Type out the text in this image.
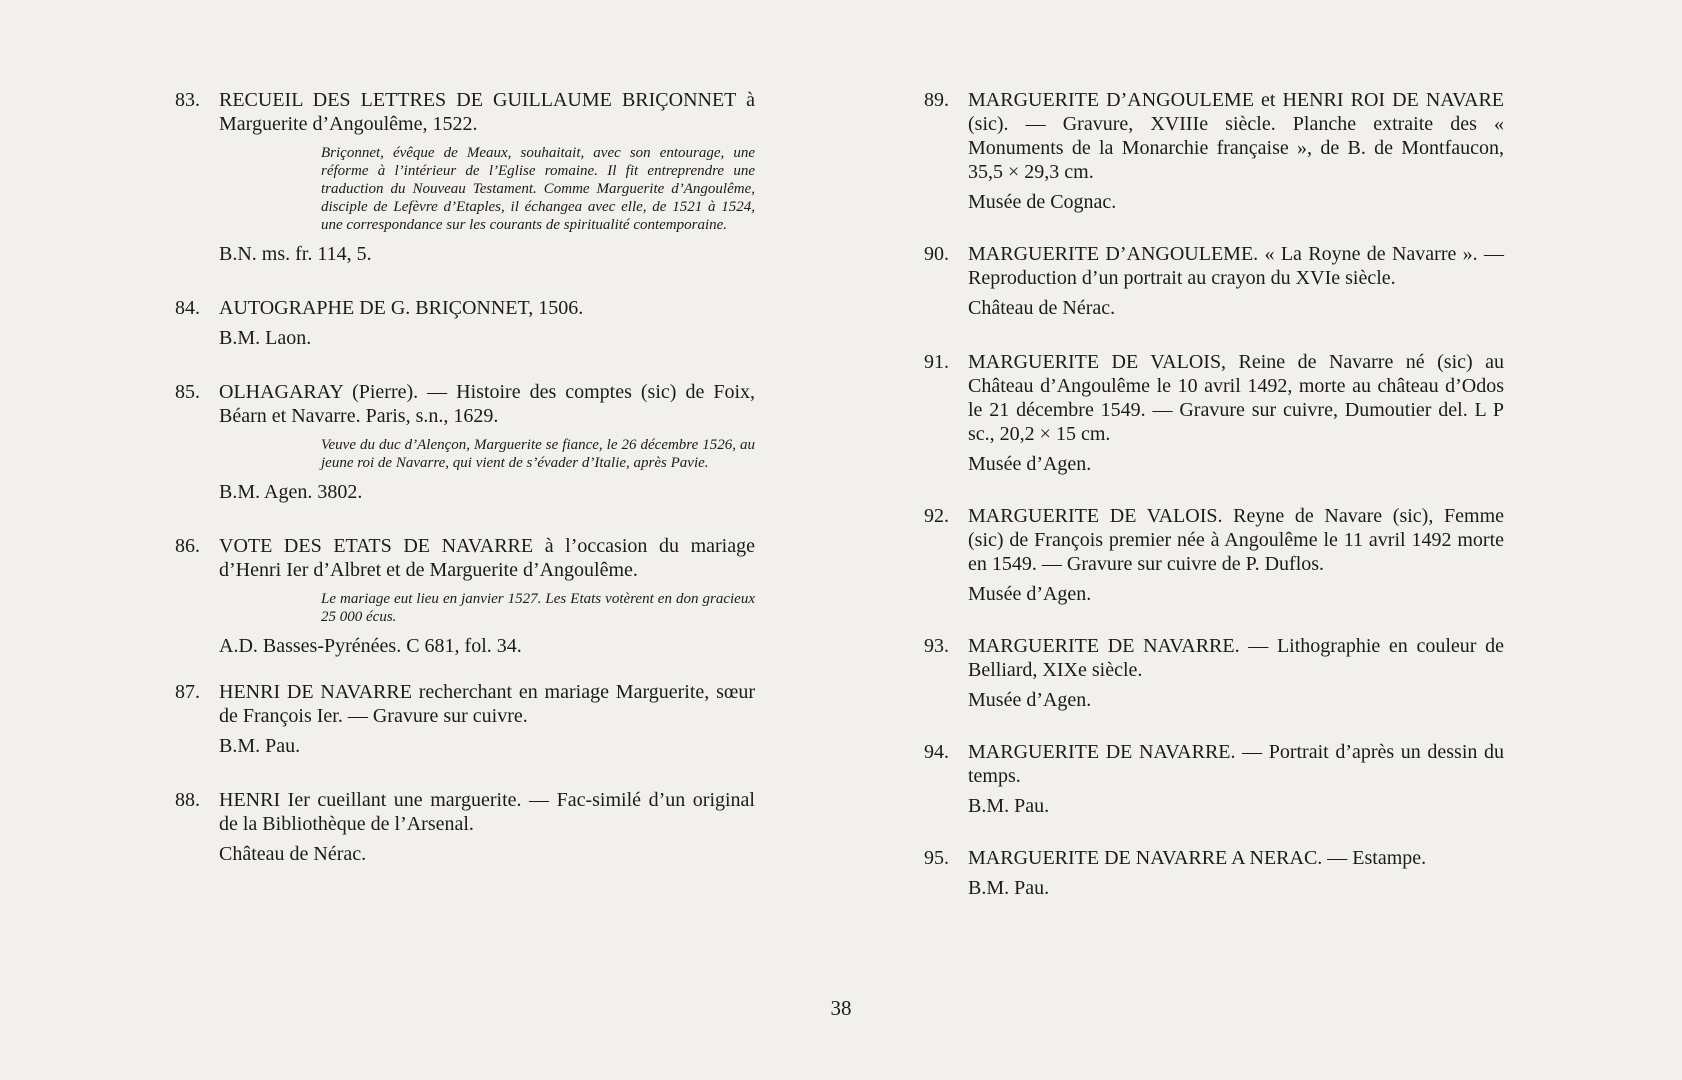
83. RECUEIL DES LETTRES DE GUILLAUME BRIÇONNET à Marguerite d’Angoulême, 1522.
Briçonnet, évêque de Meaux, souhaitait, avec son entourage, une réforme à l’intérieur de l’Eglise romaine. Il fit entreprendre une traduction du Nouveau Testament. Comme Marguerite d’Angoulême, disciple de Lefèvre d’Etaples, il échangea avec elle, de 1521 à 1524, une correspondance sur les courants de spiritualité contemporaine.
B.N. ms. fr. 114, 5.
84. AUTOGRAPHE DE G. BRIÇONNET, 1506.
B.M. Laon.
85. OLHAGARAY (Pierre). — Histoire des comptes (sic) de Foix, Béarn et Navarre. Paris, s.n., 1629.
Veuve du duc d’Alençon, Marguerite se fiance, le 26 décembre 1526, au jeune roi de Navarre, qui vient de s’évader d’Italie, après Pavie.
B.M. Agen. 3802.
86. VOTE DES ETATS DE NAVARRE à l’occasion du mariage d’Henri Ier d’Albret et de Marguerite d’Angoulême.
Le mariage eut lieu en janvier 1527. Les Etats votèrent en don gracieux 25 000 écus.
A.D. Basses-Pyrénées. C 681, fol. 34.
87. HENRI DE NAVARRE recherchant en mariage Marguerite, sœur de François Ier. — Gravure sur cuivre.
B.M. Pau.
88. HENRI Ier cueillant une marguerite. — Fac-similé d’un original de la Bibliothèque de l’Arsenal.
Château de Nérac.
89. MARGUERITE D’ANGOULEME et HENRI ROI DE NAVARE (sic). — Gravure, XVIIIe siècle. Planche extraite des « Monuments de la Monarchie française », de B. de Montfaucon, 35,5 × 29,3 cm.
Musée de Cognac.
90. MARGUERITE D’ANGOULEME. « La Royne de Navarre ». — Reproduction d’un portrait au crayon du XVIe siècle.
Château de Nérac.
91. MARGUERITE DE VALOIS, Reine de Navarre né (sic) au Château d’Angoulême le 10 avril 1492, morte au château d’Odos le 21 décembre 1549. — Gravure sur cuivre, Dumoutier del. L P sc., 20,2 × 15 cm.
Musée d’Agen.
92. MARGUERITE DE VALOIS. Reyne de Navare (sic), Femme (sic) de François premier née à Angoulême le 11 avril 1492 morte en 1549. — Gravure sur cuivre de P. Duflos.
Musée d’Agen.
93. MARGUERITE DE NAVARRE. — Lithographie en couleur de Belliard, XIXe siècle.
Musée d’Agen.
94. MARGUERITE DE NAVARRE. — Portrait d’après un dessin du temps.
B.M. Pau.
95. MARGUERITE DE NAVARRE A NERAC. — Estampe.
B.M. Pau.
38
